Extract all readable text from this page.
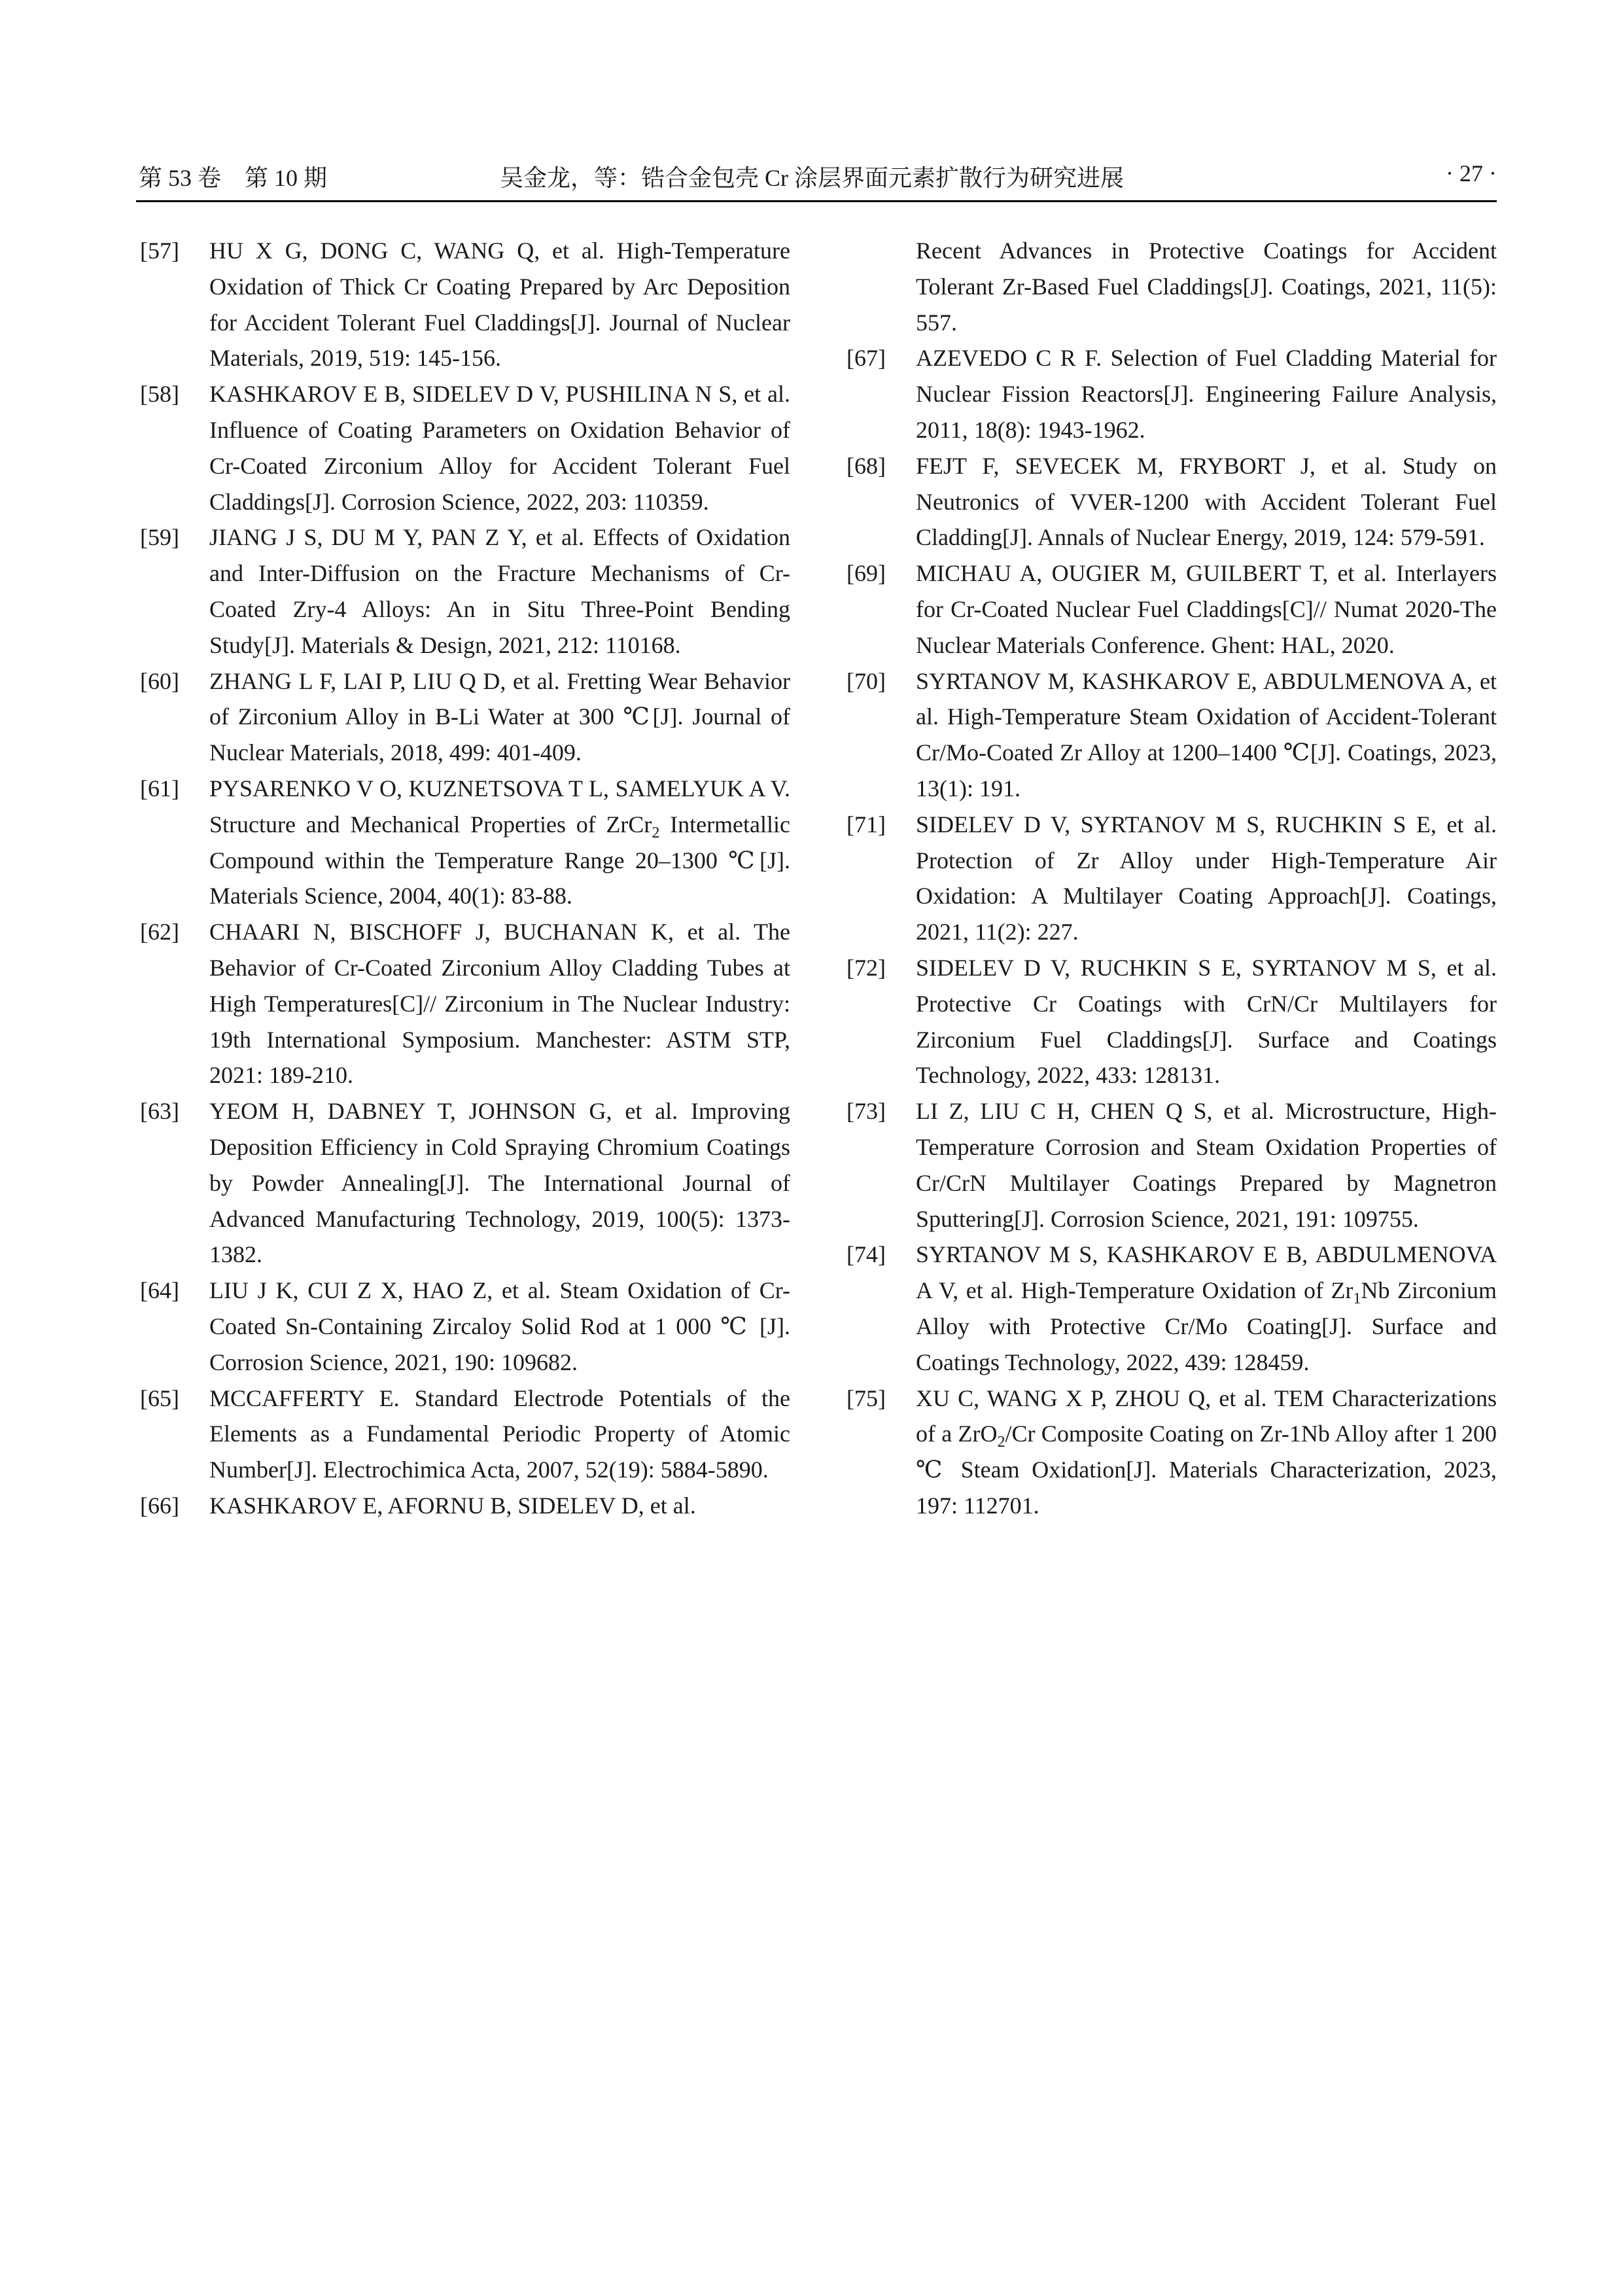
第 53 卷　第 10 期	吴金龙，等：锆合金包壳 Cr 涂层界面元素扩散行为研究进展	· 27 ·
[57] HU X G, DONG C, WANG Q, et al. High-Temperature Oxidation of Thick Cr Coating Prepared by Arc Deposition for Accident Tolerant Fuel Claddings[J]. Journal of Nuclear Materials, 2019, 519: 145-156.
[58] KASHKAROV E B, SIDELEV D V, PUSHILINA N S, et al. Influence of Coating Parameters on Oxidation Behavior of Cr-Coated Zirconium Alloy for Accident Tolerant Fuel Claddings[J]. Corrosion Science, 2022, 203: 110359.
[59] JIANG J S, DU M Y, PAN Z Y, et al. Effects of Oxidation and Inter-Diffusion on the Fracture Mechanisms of Cr-Coated Zry-4 Alloys: An in Situ Three-Point Bending Study[J]. Materials & Design, 2021, 212: 110168.
[60] ZHANG L F, LAI P, LIU Q D, et al. Fretting Wear Behavior of Zirconium Alloy in B-Li Water at 300 ℃[J]. Journal of Nuclear Materials, 2018, 499: 401-409.
[61] PYSARENKO V O, KUZNETSOVA T L, SAMELYUK A V. Structure and Mechanical Properties of ZrCr$_2$ Intermetallic Compound within the Temperature Range 20–1300 ℃[J]. Materials Science, 2004, 40(1): 83-88.
[62] CHAARI N, BISCHOFF J, BUCHANAN K, et al. The Behavior of Cr-Coated Zirconium Alloy Cladding Tubes at High Temperatures[C]// Zirconium in The Nuclear Industry: 19th International Symposium. Manchester: ASTM STP, 2021: 189-210.
[63] YEOM H, DABNEY T, JOHNSON G, et al. Improving Deposition Efficiency in Cold Spraying Chromium Coatings by Powder Annealing[J]. The International Journal of Advanced Manufacturing Technology, 2019, 100(5): 1373-1382.
[64] LIU J K, CUI Z X, HAO Z, et al. Steam Oxidation of Cr-Coated Sn-Containing Zircaloy Solid Rod at 1 000 ℃ [J]. Corrosion Science, 2021, 190: 109682.
[65] MCCAFFERTY E. Standard Electrode Potentials of the Elements as a Fundamental Periodic Property of Atomic Number[J]. Electrochimica Acta, 2007, 52(19): 5884-5890.
[66] KASHKAROV E, AFORNU B, SIDELEV D, et al.
Recent Advances in Protective Coatings for Accident Tolerant Zr-Based Fuel Claddings[J]. Coatings, 2021, 11(5): 557.
[67] AZEVEDO C R F. Selection of Fuel Cladding Material for Nuclear Fission Reactors[J]. Engineering Failure Analysis, 2011, 18(8): 1943-1962.
[68] FEJT F, SEVECEK M, FRYBORT J, et al. Study on Neutronics of VVER-1200 with Accident Tolerant Fuel Cladding[J]. Annals of Nuclear Energy, 2019, 124: 579-591.
[69] MICHAU A, OUGIER M, GUILBERT T, et al. Interlayers for Cr-Coated Nuclear Fuel Claddings[C]// Numat 2020-The Nuclear Materials Conference. Ghent: HAL, 2020.
[70] SYRTANOV M, KASHKAROV E, ABDULMENOVA A, et al. High-Temperature Steam Oxidation of Accident-Tolerant Cr/Mo-Coated Zr Alloy at 1200–1400 ℃[J]. Coatings, 2023, 13(1): 191.
[71] SIDELEV D V, SYRTANOV M S, RUCHKIN S E, et al. Protection of Zr Alloy under High-Temperature Air Oxidation: A Multilayer Coating Approach[J]. Coatings, 2021, 11(2): 227.
[72] SIDELEV D V, RUCHKIN S E, SYRTANOV M S, et al. Protective Cr Coatings with CrN/Cr Multilayers for Zirconium Fuel Claddings[J]. Surface and Coatings Technology, 2022, 433: 128131.
[73] LI Z, LIU C H, CHEN Q S, et al. Microstructure, High-Temperature Corrosion and Steam Oxidation Properties of Cr/CrN Multilayer Coatings Prepared by Magnetron Sputtering[J]. Corrosion Science, 2021, 191: 109755.
[74] SYRTANOV M S, KASHKAROV E B, ABDULMENOVA A V, et al. High-Temperature Oxidation of $Zr_1Nb$ Zirconium Alloy with Protective Cr/Mo Coating[J]. Surface and Coatings Technology, 2022, 439: 128459.
[75] XU C, WANG X P, ZHOU Q, et al. TEM Characterizations of a ZrO$_2$/Cr Composite Coating on Zr-1Nb Alloy after 1 200 ℃ Steam Oxidation[J]. Materials Characterization, 2023, 197: 112701.
